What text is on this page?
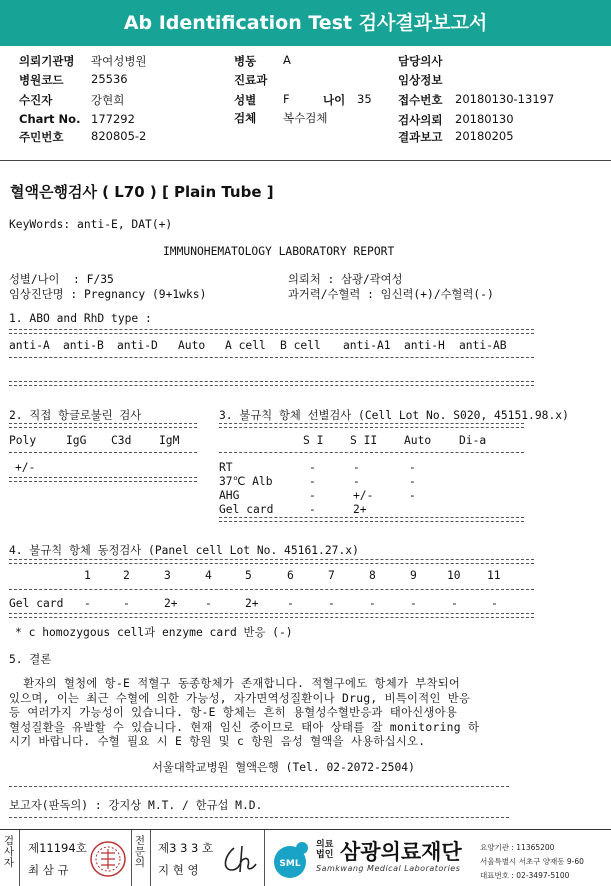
Ab Identification Test 검사결과보고서
의뢰기관명 곽여성병원
병원코드 25536
수진자	강현희
Chart No. 177292
주민번호 820805-2
병동 A
진료과
성별 F	나이 35
검체 복수검체
담당의사
임상정보
접수번호 20180130-13197
검사의뢰 20180130
결과보고 20180205
혈액은행검사 ( L70 ) [ Plain Tube ]
KeyWords: anti-E, DAT(+)
IMMUNOHEMATOLOGY LABORATORY REPORT
성별/나이  : F/35
임상진단명 : Pregnancy (9+1wks)
의뢰처 : 삼광/곽여성
과거력/수혈력 : 임신력(+)/수혈력(-)
1. ABO and RhD type :
anti-A anti-B anti-D Auto A cell B cell anti-A1 anti-H anti-AB
2. 직접 항글로불린 검사
Poly	IgG C3d IgM
+/-
3. 불규칙 항체 선별검사 (Cell Lot No. S020, 45151.98.x)
S I S II Auto Di-a
RT	-	-	-
37℃ Alb	-	-	-
AHG	-	+/-	-
Gel card	-	2+
4. 불규칙 항체 동정검사 (Panel cell Lot No. 45161.27.x)
1	2	3	4	5	6	7	8	9	10 11
Gel card -	-	2+ -	2+	-	-	-	-	-	-
* c homozygous cell과 enzyme card 반응 (-)
5. 결론
환자의 혈청에 항-E 적혈구 동종항체가 존재합니다. 적혈구에도 항체가 부착되어
있으며, 이는 최근 수혈에 의한 가능성, 자가면역성질환이나 Drug, 비특이적인 반응
등 여러가지 가능성이 있습니다. 항-E 항체는 흔히 용혈성수혈반응과 태아신생아용
혈성질환을 유발할 수 있습니다. 현재 임신 중이므로 태아 상태를 잘 monitoring 하
시기 바랍니다. 수혈 필요 시 E 항원 및 c 항원 음성 혈액을 사용하십시오.
서울대학교병원 혈액은행 (Tel. 02-2072-2504)
보고자(판독의) : 강지상 M.T. / 한규섭 M.D.
검
사
자
제11194호
최 삼 규
전
문
의
제3 3 3 호
지 현 영	SML
의료
법인 삼광의료재단
Samkwang Medical Laboratories
요양기관 : 11365200
서울특별시 서초구 양재동 9-60
대표번호 : 02-3497-5100
